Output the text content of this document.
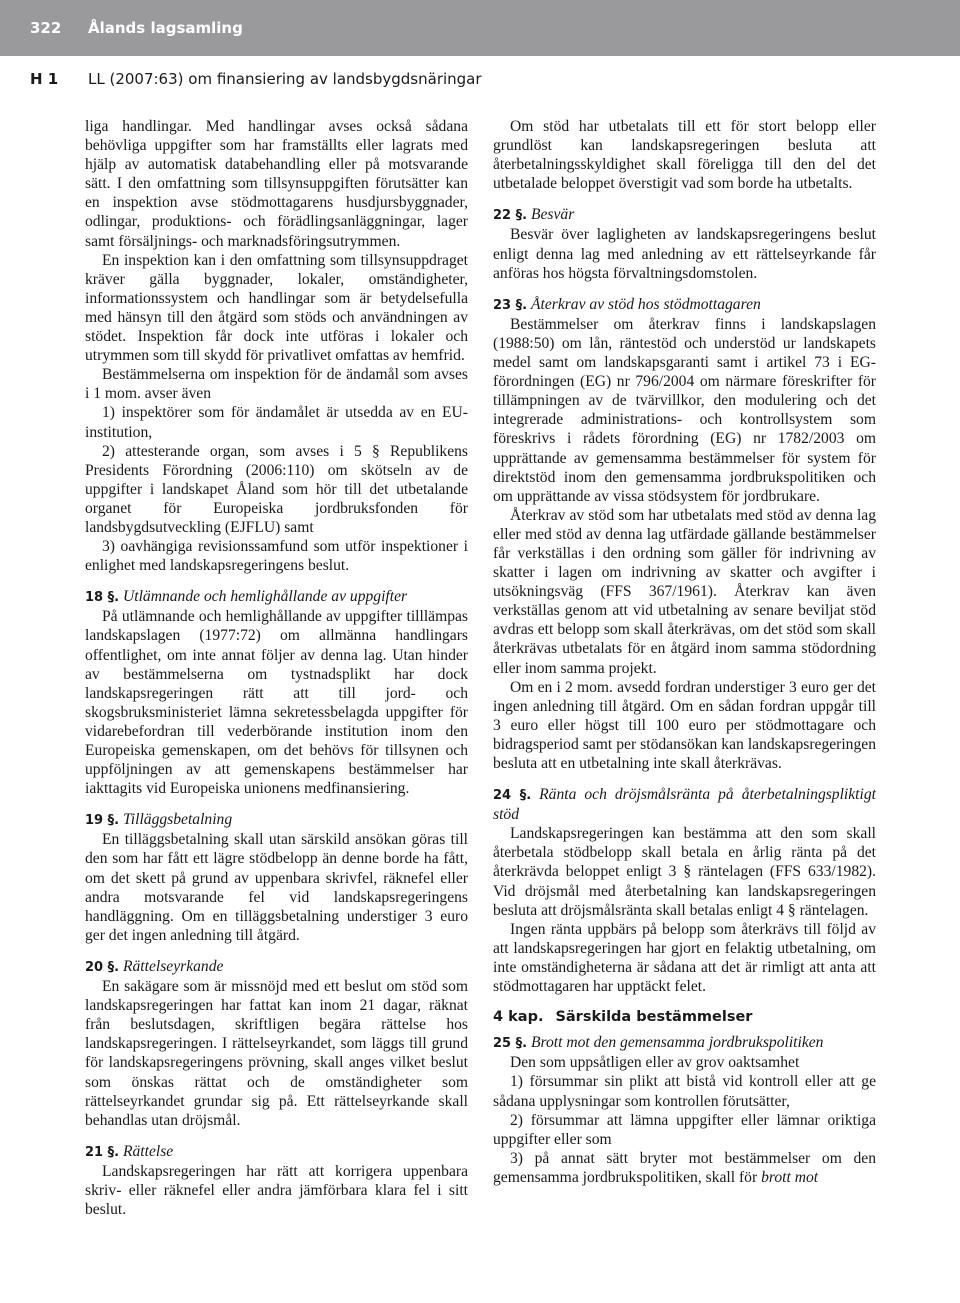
322 Ålands lagsamling
H 1 LL (2007:63) om finansiering av landsbygdsnäringar

liga handlingar. Med handlingar avses också sådana behövliga uppgifter som har framställts eller lagrats med hjälp av automatisk databehandling eller på motsvarande sätt. I den omfattning som tillsynsuppgiften förutsätter kan en inspektion avse stödmottagarens husdjursbyggnader, odlingar, produktions- och förädlingsanläggningar, lager samt försäljnings- och marknadsföringsutrymmen.

En inspektion kan i den omfattning som tillsynsuppdraget kräver gälla byggnader, lokaler, omständigheter, informationssystem och handlingar som är betydelsefulla med hänsyn till den åtgärd som stöds och användningen av stödet. Inspektion får dock inte utföras i lokaler och utrymmen som till skydd för privatlivet omfattas av hemfrid.

Bestämmelserna om inspektion för de ändamål som avses i 1 mom. avser även

1) inspektörer som för ändamålet är utsedda av en EU-institution,

2) attesterande organ, som avses i 5 § Republikens Presidents Förordning (2006:110) om skötseln av de uppgifter i landskapet Åland som hör till det utbetalande organet för Europeiska jordbruksfonden för landsbygdsutveckling (EJFLU) samt

3) oavhängiga revisionssamfund som utför inspektioner i enlighet med landskapsregeringens beslut.

18 §. Utlämnande och hemlighållande av uppgifter

På utlämnande och hemlighållande av uppgifter tilllämpas landskapslagen (1977:72) om allmänna handlingars offentlighet, om inte annat följer av denna lag. Utan hinder av bestämmelserna om tystnadsplikt har dock landskapsregeringen rätt att till jord- och skogsbruksministeriet lämna sekretessbelagda uppgifter för vidarebefordran till vederbörande institution inom den Europeiska gemenskapen, om det behövs för tillsynen och uppföljningen av att gemenskapens bestämmelser har iakttagits vid Europeiska unionens medfinansiering.

19 §. Tilläggsbetalning

En tilläggsbetalning skall utan särskild ansökan göras till den som har fått ett lägre stödbelopp än denne borde ha fått, om det skett på grund av uppenbara skrivfel, räknefel eller andra motsvarande fel vid landskapsregeringens handläggning. Om en tilläggsbetalning understiger 3 euro ger det ingen anledning till åtgärd.

20 §. Rättelseyrkande

En sakägare som är missnöjd med ett beslut om stöd som landskapsregeringen har fattat kan inom 21 dagar, räknat från beslutsdagen, skriftligen begära rättelse hos landskapsregeringen. I rättelseyrkandet, som läggs till grund för landskapsregeringens prövning, skall anges vilket beslut som önskas rättat och de omständigheter som rättelseyrkandet grundar sig på. Ett rättelseyrkande skall behandlas utan dröjsmål.

21 §. Rättelse

Landskapsregeringen har rätt att korrigera uppenbara skriv- eller räknefel eller andra jämförbara klara fel i sitt beslut.

Om stöd har utbetalats till ett för stort belopp eller grundlöst kan landskapsregeringen besluta att återbetalningsskyldighet skall föreligga till den del det utbetalade beloppet överstigit vad som borde ha utbetalts.

22 §. Besvär

Besvär över lagligheten av landskapsregeringens beslut enligt denna lag med anledning av ett rättelseyrkande får anföras hos högsta förvaltningsdomstolen.

23 §. Återkrav av stöd hos stödmottagaren

Bestämmelser om återkrav finns i landskapslagen (1988:50) om lån, räntestöd och understöd ur landskapets medel samt om landskapsgaranti samt i artikel 73 i EG-förordningen (EG) nr 796/2004 om närmare föreskrifter för tillämpningen av de tvärvillkor, den modulering och det integrerade administrations- och kontrollsystem som föreskrivs i rådets förordning (EG) nr 1782/2003 om upprättande av gemensamma bestämmelser för system för direktstöd inom den gemensamma jordbrukspolitiken och om upprättande av vissa stödsystem för jordbrukare.

Återkrav av stöd som har utbetalats med stöd av denna lag eller med stöd av denna lag utfärdade gällande bestämmelser får verkställas i den ordning som gäller för indrivning av skatter i lagen om indrivning av skatter och avgifter i utsökningsväg (FFS 367/1961). Återkrav kan även verkställas genom att vid utbetalning av senare beviljat stöd avdras ett belopp som skall återkrävas, om det stöd som skall återkrävas utbetalats för en åtgärd inom samma stödordning eller inom samma projekt.

Om en i 2 mom. avsedd fordran understiger 3 euro ger det ingen anledning till åtgärd. Om en sådan fordran uppgår till 3 euro eller högst till 100 euro per stödmottagare och bidragsperiod samt per stödansökan kan landskapsregeringen besluta att en utbetalning inte skall återkrävas.

24 §. Ränta och dröjsmålsränta på återbetalningspliktigt stöd

Landskapsregeringen kan bestämma att den som skall återbetala stödbelopp skall betala en årlig ränta på det återkrävda beloppet enligt 3 § räntelagen (FFS 633/1982). Vid dröjsmål med återbetalning kan landskapsregeringen besluta att dröjsmålsränta skall betalas enligt 4 § räntelagen.

Ingen ränta uppbärs på belopp som återkrävs till följd av att landskapsregeringen har gjort en felaktig utbetalning, om inte omständigheterna är sådana att det är rimligt att anta att stödmottagaren har upptäckt felet.

4 kap. Särskilda bestämmelser
25 §. Brott mot den gemensamma jordbrukspolitiken

Den som uppsåtligen eller av grov oaktsamhet

1) försummar sin plikt att bistå vid kontroll eller att ge sådana upplysningar som kontrollen förutsätter,

2) försummar att lämna uppgifter eller lämnar oriktiga uppgifter eller som

3) på annat sätt bryter mot bestämmelser om den gemensamma jordbrukspolitiken, skall för brott mot
